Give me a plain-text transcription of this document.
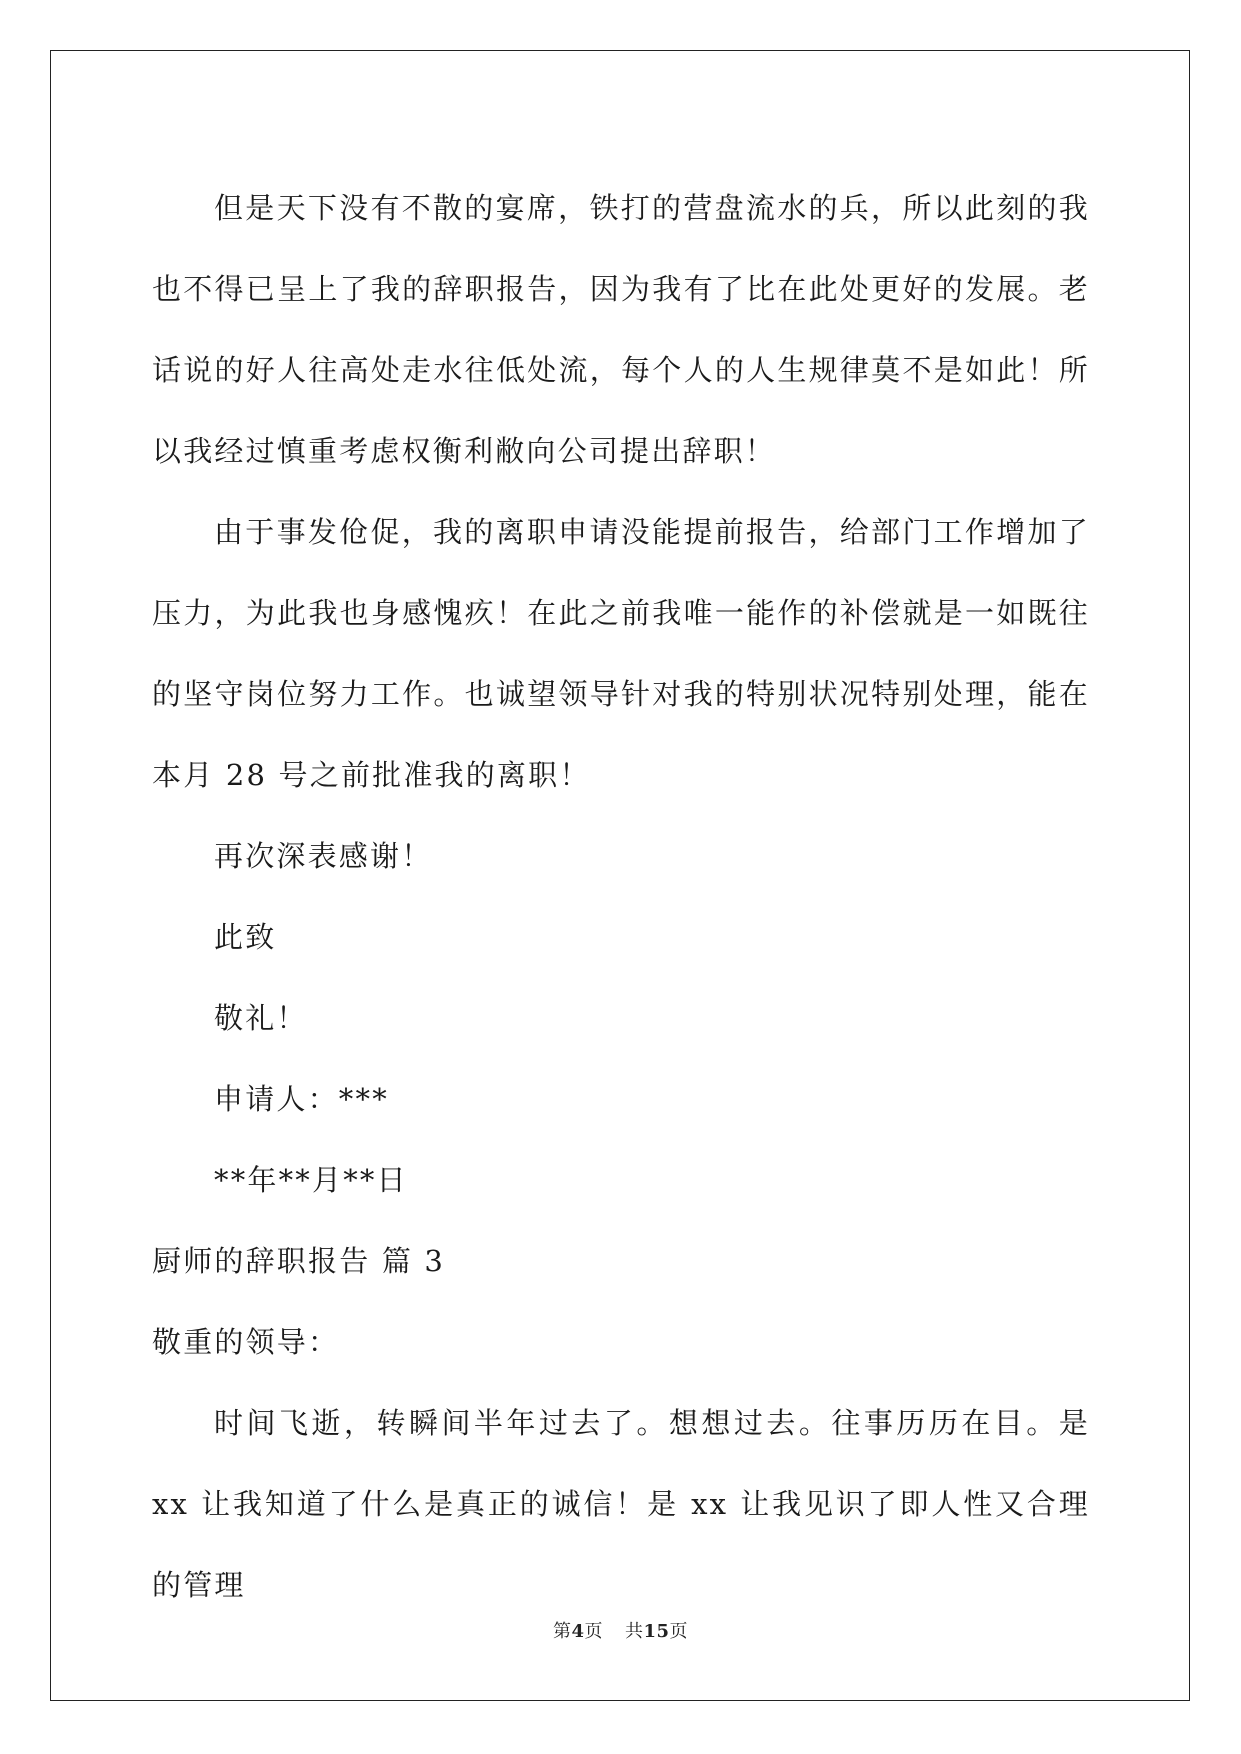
但是天下没有不散的宴席，铁打的营盘流水的兵，所以此刻的我也不得已呈上了我的辞职报告，因为我有了比在此处更好的发展。老话说的好人往高处走水往低处流，每个人的人生规律莫不是如此！所以我经过慎重考虑权衡利敝向公司提出辞职！

由于事发伧促，我的离职申请没能提前报告，给部门工作增加了压力，为此我也身感愧疚！在此之前我唯一能作的补偿就是一如既往的坚守岗位努力工作。也诚望领导针对我的特别状况特别处理，能在本月 28 号之前批准我的离职！

再次深表感谢！

此致

敬礼！

申请人：***

**年**月**日

厨师的辞职报告 篇 3

敬重的领导：

时间飞逝，转瞬间半年过去了。想想过去。往事历历在目。是 xx 让我知道了什么是真正的诚信！是 xx 让我见识了即人性又合理的管理

第4页 共15页
